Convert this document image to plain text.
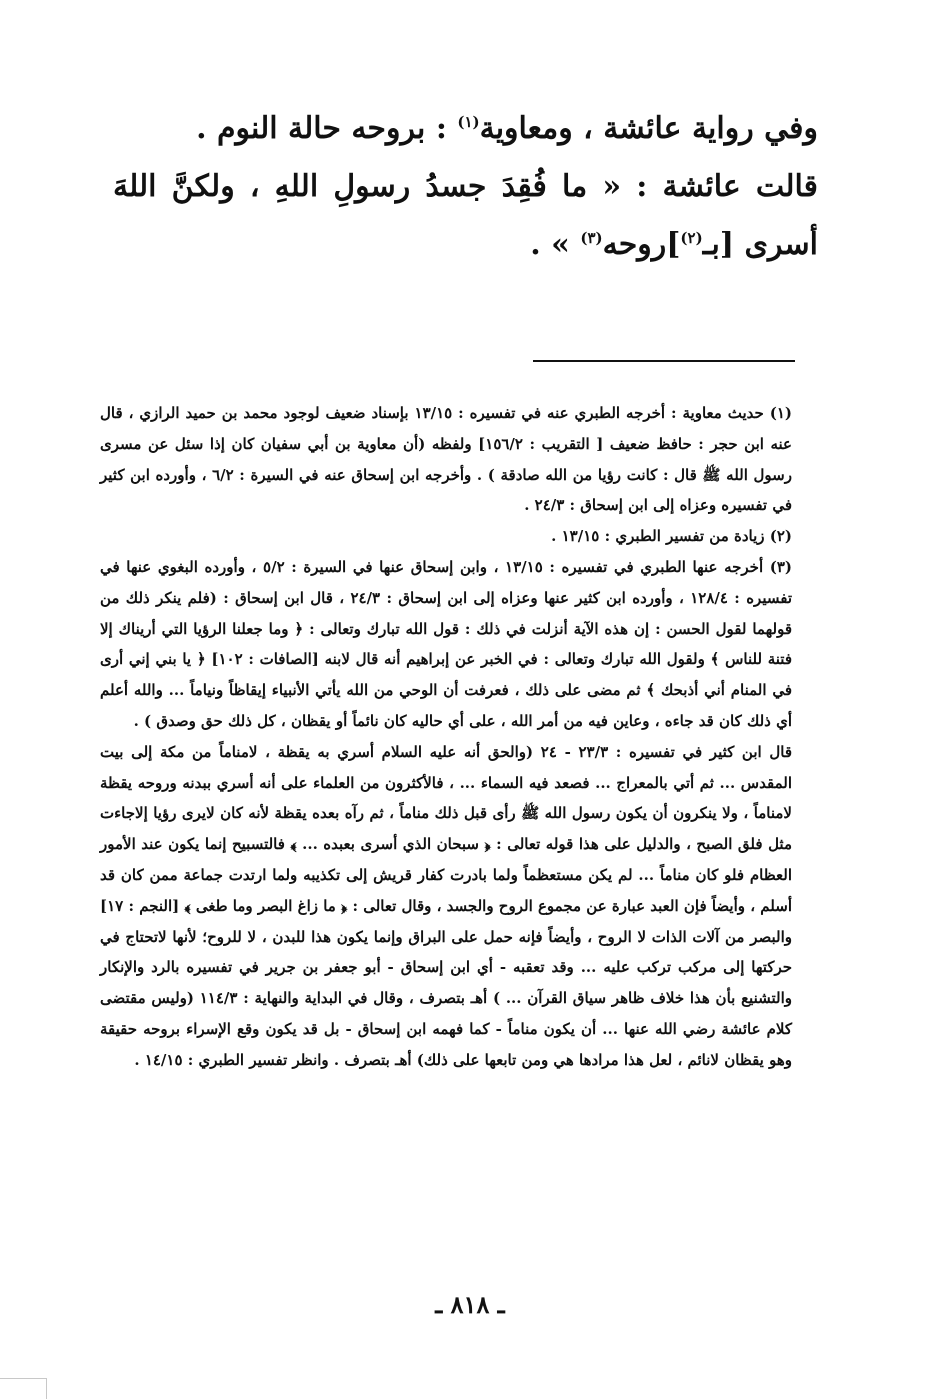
وفي رواية عائشة ، ومعاوية$^{(١)}$ : بروحه حالة النوم .

قالت عائشة : « ما فُقِدَ جسدُ رسولِ اللهِ ، ولكنَّ اللهَ أسرى [بـ$^{(٢)}$]روحه$^{(٣)}$ » .

(١) حديث معاوية : أخرجه الطبري عنه في تفسيره : ١٣/١٥ بإسناد ضعيف لوجود محمد بن حميد الرازي ، قال عنه ابن حجر : حافظ ضعيف [ التقريب : ١٥٦/٢] ولفظه (أن معاوية بن أبي سفيان كان إذا سئل عن مسرى رسول الله ﷺ قال : كانت رؤيا من الله صادقة ) . وأخرجه ابن إسحاق عنه في السيرة : ٦/٢ ، وأورده ابن كثير في تفسيره وعزاه إلى ابن إسحاق : ٢٤/٣ .

(٢) زيادة من تفسير الطبري : ١٣/١٥ .

(٣) أخرجه عنها الطبري في تفسيره : ١٣/١٥ ، وابن إسحاق عنها في السيرة : ٥/٢ ، وأورده البغوي عنها في تفسيره : ١٢٨/٤ ، وأورده ابن كثير عنها وعزاه إلى ابن إسحاق : ٢٤/٣ ، قال ابن إسحاق : (فلم ينكر ذلك من قولهما لقول الحسن : إن هذه الآية أنزلت في ذلك : قول الله تبارك وتعالى : ﴿ وما جعلنا الرؤيا التي أريناك إلا فتنة للناس ﴾ ولقول الله تبارك وتعالى : في الخبر عن إبراهيم أنه قال لابنه [الصافات : ١٠٢] ﴿ يا بني إني أرى في المنام أني أذبحك ﴾ ثم مضى على ذلك ، فعرفت أن الوحي من الله يأتي الأنبياء إيقاظاً ونياماً ... والله أعلم أي ذلك كان قد جاءه ، وعاين فيه من أمر الله ، على أي حاليه كان نائماً أو يقظان ، كل ذلك حق وصدق ) .

قال ابن كثير في تفسيره : ٢٣/٣ - ٢٤ (والحق أنه عليه السلام أسري به يقظة ، لامناماً من مكة إلى بيت المقدس ... ثم أتي بالمعراج ... فصعد فيه السماء ... ، فالأكثرون من العلماء على أنه أسري ببدنه وروحه يقظة لامناماً ، ولا ينكرون أن يكون رسول الله ﷺ رأى قبل ذلك مناماً ، ثم رآه بعده يقظة لأنه كان لايرى رؤيا إلاجاءت مثل فلق الصبح ، والدليل على هذا قوله تعالى : ﴿ سبحان الذي أسرى بعبده ... ﴾ فالتسبيح إنما يكون عند الأمور العظام فلو كان مناماً ... لم يكن مستعظماً ولما بادرت كفار قريش إلى تكذيبه ولما ارتدت جماعة ممن كان قد أسلم ، وأيضاً فإن العبد عبارة عن مجموع الروح والجسد ، وقال تعالى : ﴿ ما زاغ البصر وما طغى ﴾ [النجم : ١٧] والبصر من آلات الذات لا الروح ، وأيضاً فإنه حمل على البراق وإنما يكون هذا للبدن ، لا للروح؛ لأنها لاتحتاج في حركتها إلى مركب تركب عليه ... وقد تعقبه - أي ابن إسحاق - أبو جعفر بن جرير في تفسيره بالرد والإنكار والتشنيع بأن هذا خلاف ظاهر سياق القرآن ... ) أهـ بتصرف ، وقال في البداية والنهاية : ١١٤/٣ (وليس مقتضى كلام عائشة رضي الله عنها ... أن يكون مناماً - كما فهمه ابن إسحاق - بل قد يكون وقع الإسراء بروحه حقيقة وهو يقظان لانائم ، لعل هذا مرادها هي ومن تابعها على ذلك) أهـ بتصرف . وانظر تفسير الطبري : ١٤/١٥ .

ـ ٨١٨ ـ
